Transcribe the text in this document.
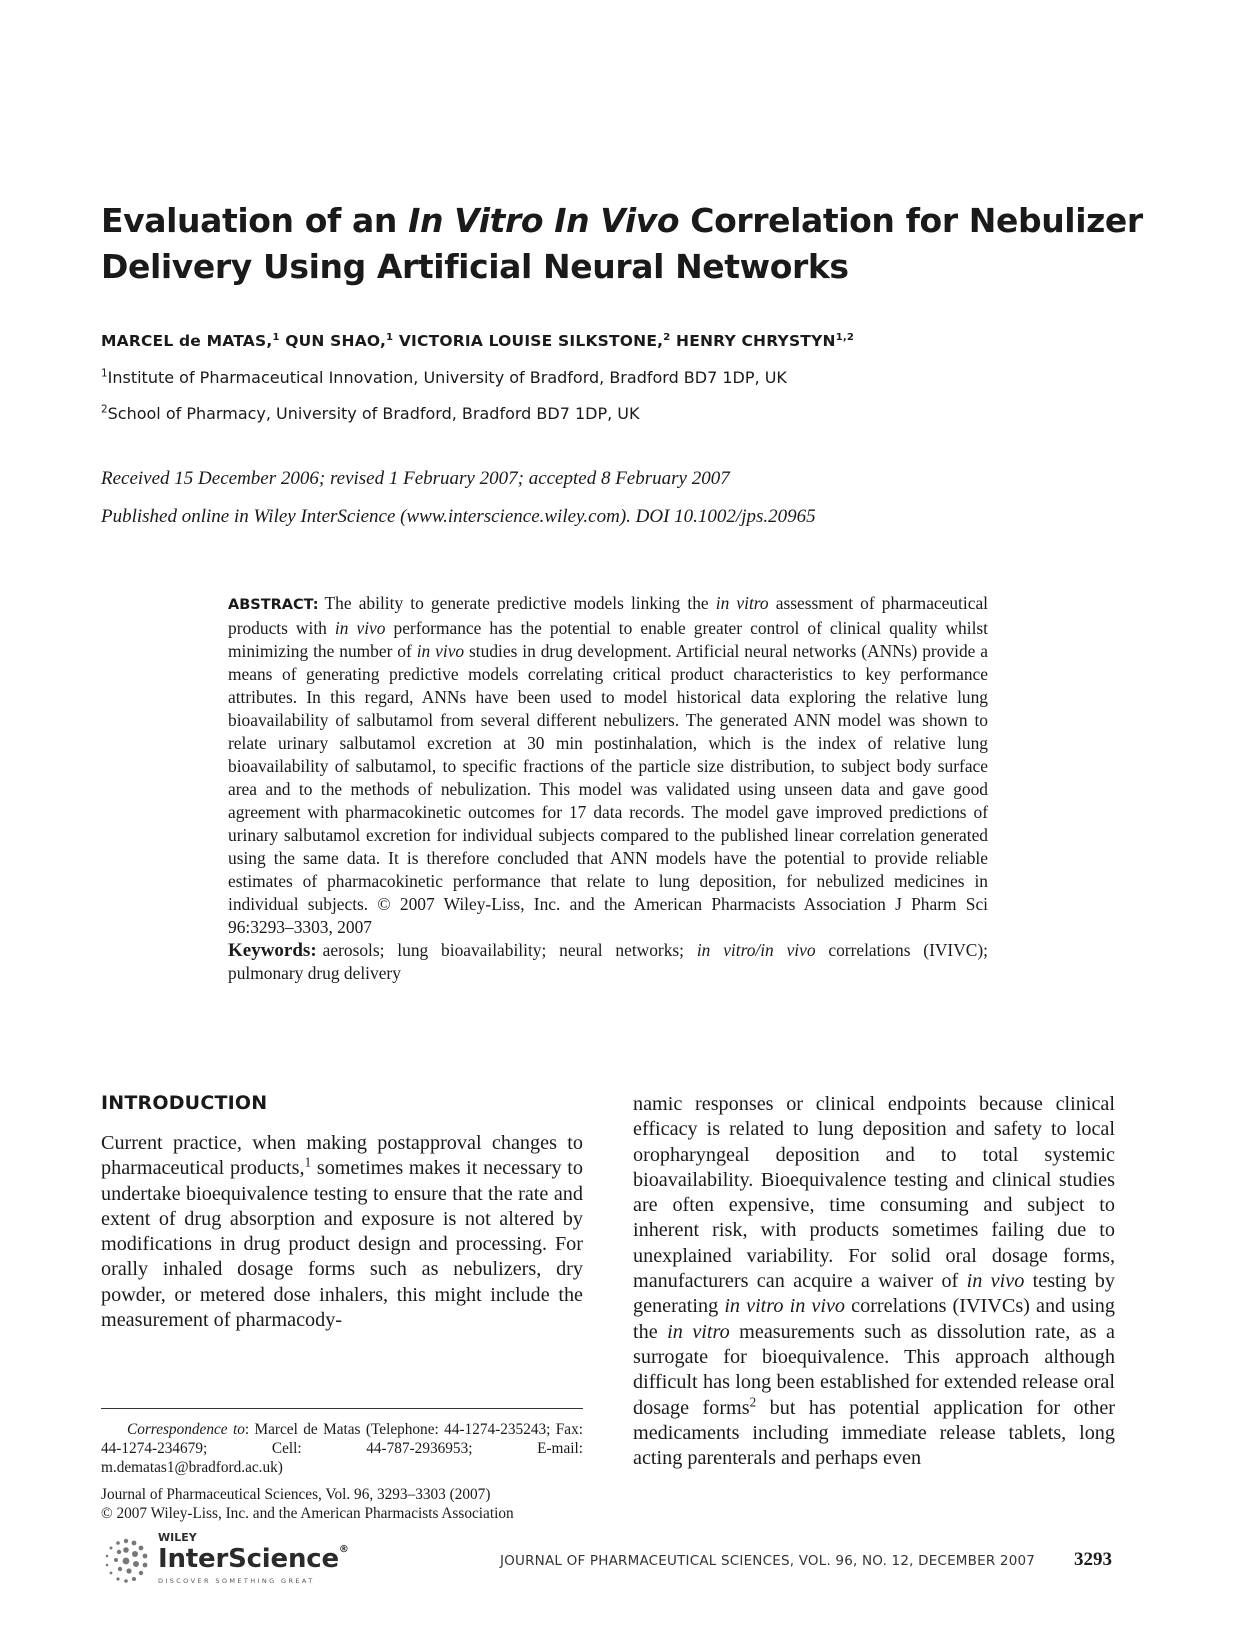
Evaluation of an In Vitro In Vivo Correlation for Nebulizer
Delivery Using Artificial Neural Networks
MARCEL de MATAS,$^1$ QUN SHAO,$^1$ VICTORIA LOUISE SILKSTONE,$^2$ HENRY CHRYSTYN$^{1,2}$
$^1$Institute of Pharmaceutical Innovation, University of Bradford, Bradford BD7 1DP, UK
$^2$School of Pharmacy, University of Bradford, Bradford BD7 1DP, UK
Received 15 December 2006; revised 1 February 2007; accepted 8 February 2007
Published online in Wiley InterScience (www.interscience.wiley.com). DOI 10.1002/jps.20965

ABSTRACT: The ability to generate predictive models linking the in vitro assessment of pharmaceutical products with in vivo performance has the potential to enable greater control of clinical quality whilst minimizing the number of in vivo studies in drug development. Artificial neural networks (ANNs) provide a means of generating predictive models correlating critical product characteristics to key performance attributes. In this regard, ANNs have been used to model historical data exploring the relative lung bioavailability of salbutamol from several different nebulizers. The generated ANN model was shown to relate urinary salbutamol excretion at 30 min postinhalation, which is the index of relative lung bioavailability of salbutamol, to specific fractions of the particle size distribution, to subject body surface area and to the methods of nebulization. This model was validated using unseen data and gave good agreement with pharmacokinetic outcomes for 17 data records. The model gave improved predictions of urinary salbutamol excretion for individual subjects compared to the published linear correlation generated using the same data. It is therefore concluded that ANN models have the potential to provide reliable estimates of pharmacokinetic performance that relate to lung deposition, for nebulized medicines in individual subjects. © 2007 Wiley-Liss, Inc. and the American Pharmacists Association J Pharm Sci 96:3293–3303, 2007

Keywords: aerosols; lung bioavailability; neural networks; in vitro/in vivo correlations (IVIVC); pulmonary drug delivery

INTRODUCTION

Current practice, when making postapproval changes to pharmaceutical products,$^1$ sometimes makes it necessary to undertake bioequivalence testing to ensure that the rate and extent of drug absorption and exposure is not altered by modifications in drug product design and processing. For orally inhaled dosage forms such as nebulizers, dry powder, or metered dose inhalers, this might include the measurement of pharmacody-

namic responses or clinical endpoints because clinical efficacy is related to lung deposition and safety to local oropharyngeal deposition and to total systemic bioavailability. Bioequivalence testing and clinical studies are often expensive, time consuming and subject to inherent risk, with products sometimes failing due to unexplained variability. For solid oral dosage forms, manufacturers can acquire a waiver of in vivo testing by generating in vitro in vivo correlations (IVIVCs) and using the in vitro measurements such as dissolution rate, as a surrogate for bioequivalence. This approach although difficult has long been established for extended release oral dosage forms$^2$ but has potential application for other medicaments including immediate release tablets, long acting parenterals and perhaps even

Correspondence to: Marcel de Matas (Telephone: 44-1274-235243; Fax: 44-1274-234679; Cell: 44-787-2936953; E-mail: m.dematas1@bradford.ac.uk)

Journal of Pharmaceutical Sciences, Vol. 96, 3293–3303 (2007)

© 2007 Wiley-Liss, Inc. and the American Pharmacists Association

WILEY
InterScience®
DISCOVER SOMETHING GREAT
JOURNAL OF PHARMACEUTICAL SCIENCES, VOL. 96, NO. 12, DECEMBER 2007 3293
